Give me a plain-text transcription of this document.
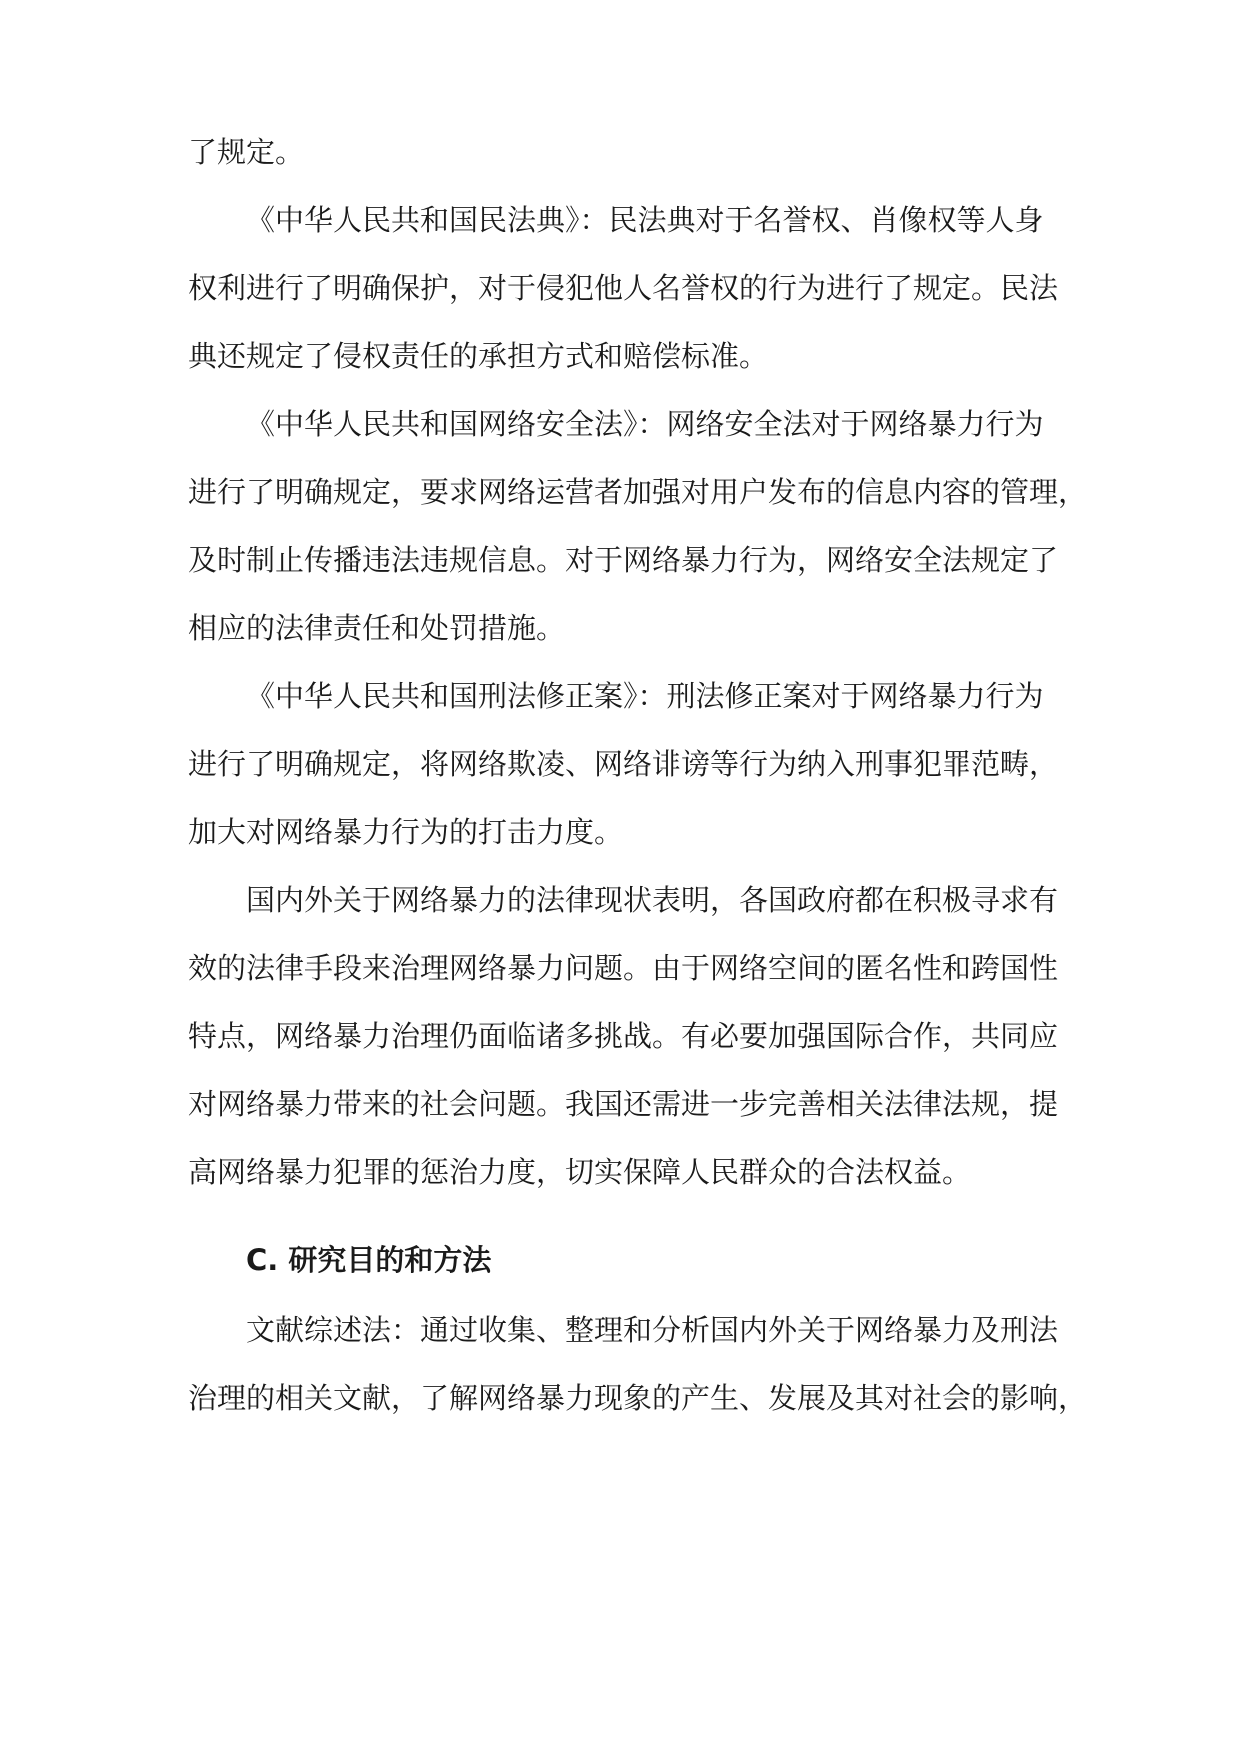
了规定。
《中华人民共和国民法典》：民法典对于名誉权、肖像权等人身
权利进行了明确保护，对于侵犯他人名誉权的行为进行了规定。民法
典还规定了侵权责任的承担方式和赔偿标准。
《中华人民共和国网络安全法》：网络安全法对于网络暴力行为
进行了明确规定，要求网络运营者加强对用户发布的信息内容的管理，
及时制止传播违法违规信息。对于网络暴力行为，网络安全法规定了
相应的法律责任和处罚措施。
《中华人民共和国刑法修正案》：刑法修正案对于网络暴力行为
进行了明确规定，将网络欺凌、网络诽谤等行为纳入刑事犯罪范畴，
加大对网络暴力行为的打击力度。
国内外关于网络暴力的法律现状表明，各国政府都在积极寻求有
效的法律手段来治理网络暴力问题。由于网络空间的匿名性和跨国性
特点，网络暴力治理仍面临诸多挑战。有必要加强国际合作，共同应
对网络暴力带来的社会问题。我国还需进一步完善相关法律法规，提
高网络暴力犯罪的惩治力度，切实保障人民群众的合法权益。
C. 研究目的和方法
文献综述法：通过收集、整理和分析国内外关于网络暴力及刑法
治理的相关文献，了解网络暴力现象的产生、发展及其对社会的影响，
